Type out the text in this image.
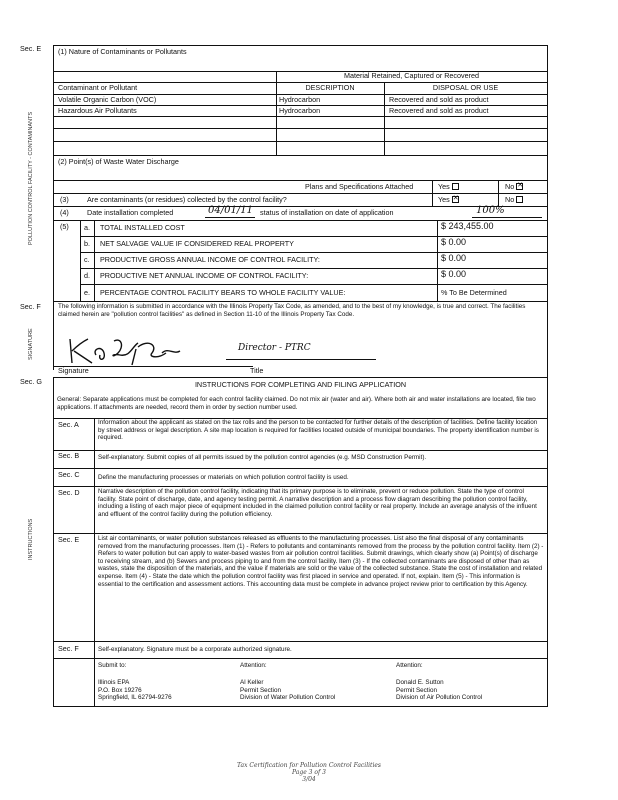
Sec. E
POLLUTION CONTROL FACILITY - CONTAMINANTS
(1) Nature of Contaminants or Pollutants
Material Retained, Captured or Recovered
Contaminant or Pollutant	DESCRIPTION	DISPOSAL OR USE
Volatile Organic Carbon (VOC)	Hydrocarbon	Recovered and sold as product
Hazardous Air Pollutants	Hydrocarbon	Recovered and sold as product
(2) Point(s) of Waste Water Discharge
Plans and Specifications Attached	Yes	No✕
(3)	Are contaminants (or residues) collected by the control facility?	Yes✕	No
(4)	Date installation completed	04/01/11 status of installation on date of application	100%
(5) a. TOTAL INSTALLED COST	$ 243,455.00
b. NET SALVAGE VALUE IF CONSIDERED REAL PROPERTY	$ 0.00
c. PRODUCTIVE GROSS ANNUAL INCOME OF CONTROL FACILITY:	$ 0.00
d. PRODUCTIVE NET ANNUAL INCOME OF CONTROL FACILITY:	$ 0.00
e. PERCENTAGE CONTROL FACILITY BEARS TO WHOLE FACILITY VALUE:	% To Be Determined
Sec. F
SIGNATURE
The following information is submitted in accordance with the Illinois Property Tax Code, as amended, and to the best of my knowledge, is true and correct. The facilities claimed herein are "pollution control facilities" as defined in Section 11-10 of the Illinois Property Tax Code.
Director - PTRC
Signature	Title
Sec. G
INSTRUCTIONS
INSTRUCTIONS FOR COMPLETING AND FILING APPLICATION
General: Separate applications must be completed for each control facility claimed. Do not mix air (water and air). Where both air and water installations are located, file two applications. If attachments are needed, record them in order by section number used.
Sec. A	Information about the applicant as stated on the tax rolls and the person to be contacted for further details of the description of facilities. Define facility location by street address or legal description. A site map location is required for facilities located outside of municipal boundaries. The property identification number is required.
Sec. B	Self-explanatory. Submit copies of all permits issued by the pollution control agencies (e.g. MSD Construction Permit).
Sec. C	Define the manufacturing processes or materials on which pollution control facility is used.
Sec. D	Narrative description of the pollution control facility, indicating that its primary purpose is to eliminate, prevent or reduce pollution. State the type of control facility. State point of discharge, date, and agency testing permit. A narrative description and a process flow diagram describing the pollution control facility, including a listing of each major piece of equipment included in the claimed pollution control facility or real property. Include an average analysis of the influent and effluent of the control facility during the pollution efficiency.
Sec. E	List air contaminants, or water pollution substances released as effluents to the manufacturing processes. List also the final disposal of any contaminants removed from the manufacturing processes. Item (1) - Refers to pollutants and contaminants removed from the process by the pollution control facility. Item (2) - Refers to water pollution but can apply to water-based wastes from air pollution control facilities. Submit drawings, which clearly show (a) Point(s) of discharge to receiving stream, and (b) Sewers and process piping to and from the control facility. Item (3) - If the collected contaminants are disposed of other than as wastes, state the disposition of the materials, and the value if materials are sold or the value of the collected substance. State the cost of installation and related expense. Item (4) - State the date which the pollution control facility was first placed in service and operated. If not, explain. Item (5) - This information is essential to the certification and assessment actions. This accounting data must be complete in advance project review prior to certification by this Agency.
Sec. F	Self-explanatory. Signature must be a corporate authorized signature.
Submit to:	Attention:	Attention:
Illinois EPA
P.O. Box 19276
Springfield, IL 62794-9276
Al Keller
Permit Section
Division of Water Pollution Control
Donald E. Sutton
Permit Section
Division of Air Pollution Control
Tax Certification for Pollution Control Facilities
Page 3 of 3
3/04
